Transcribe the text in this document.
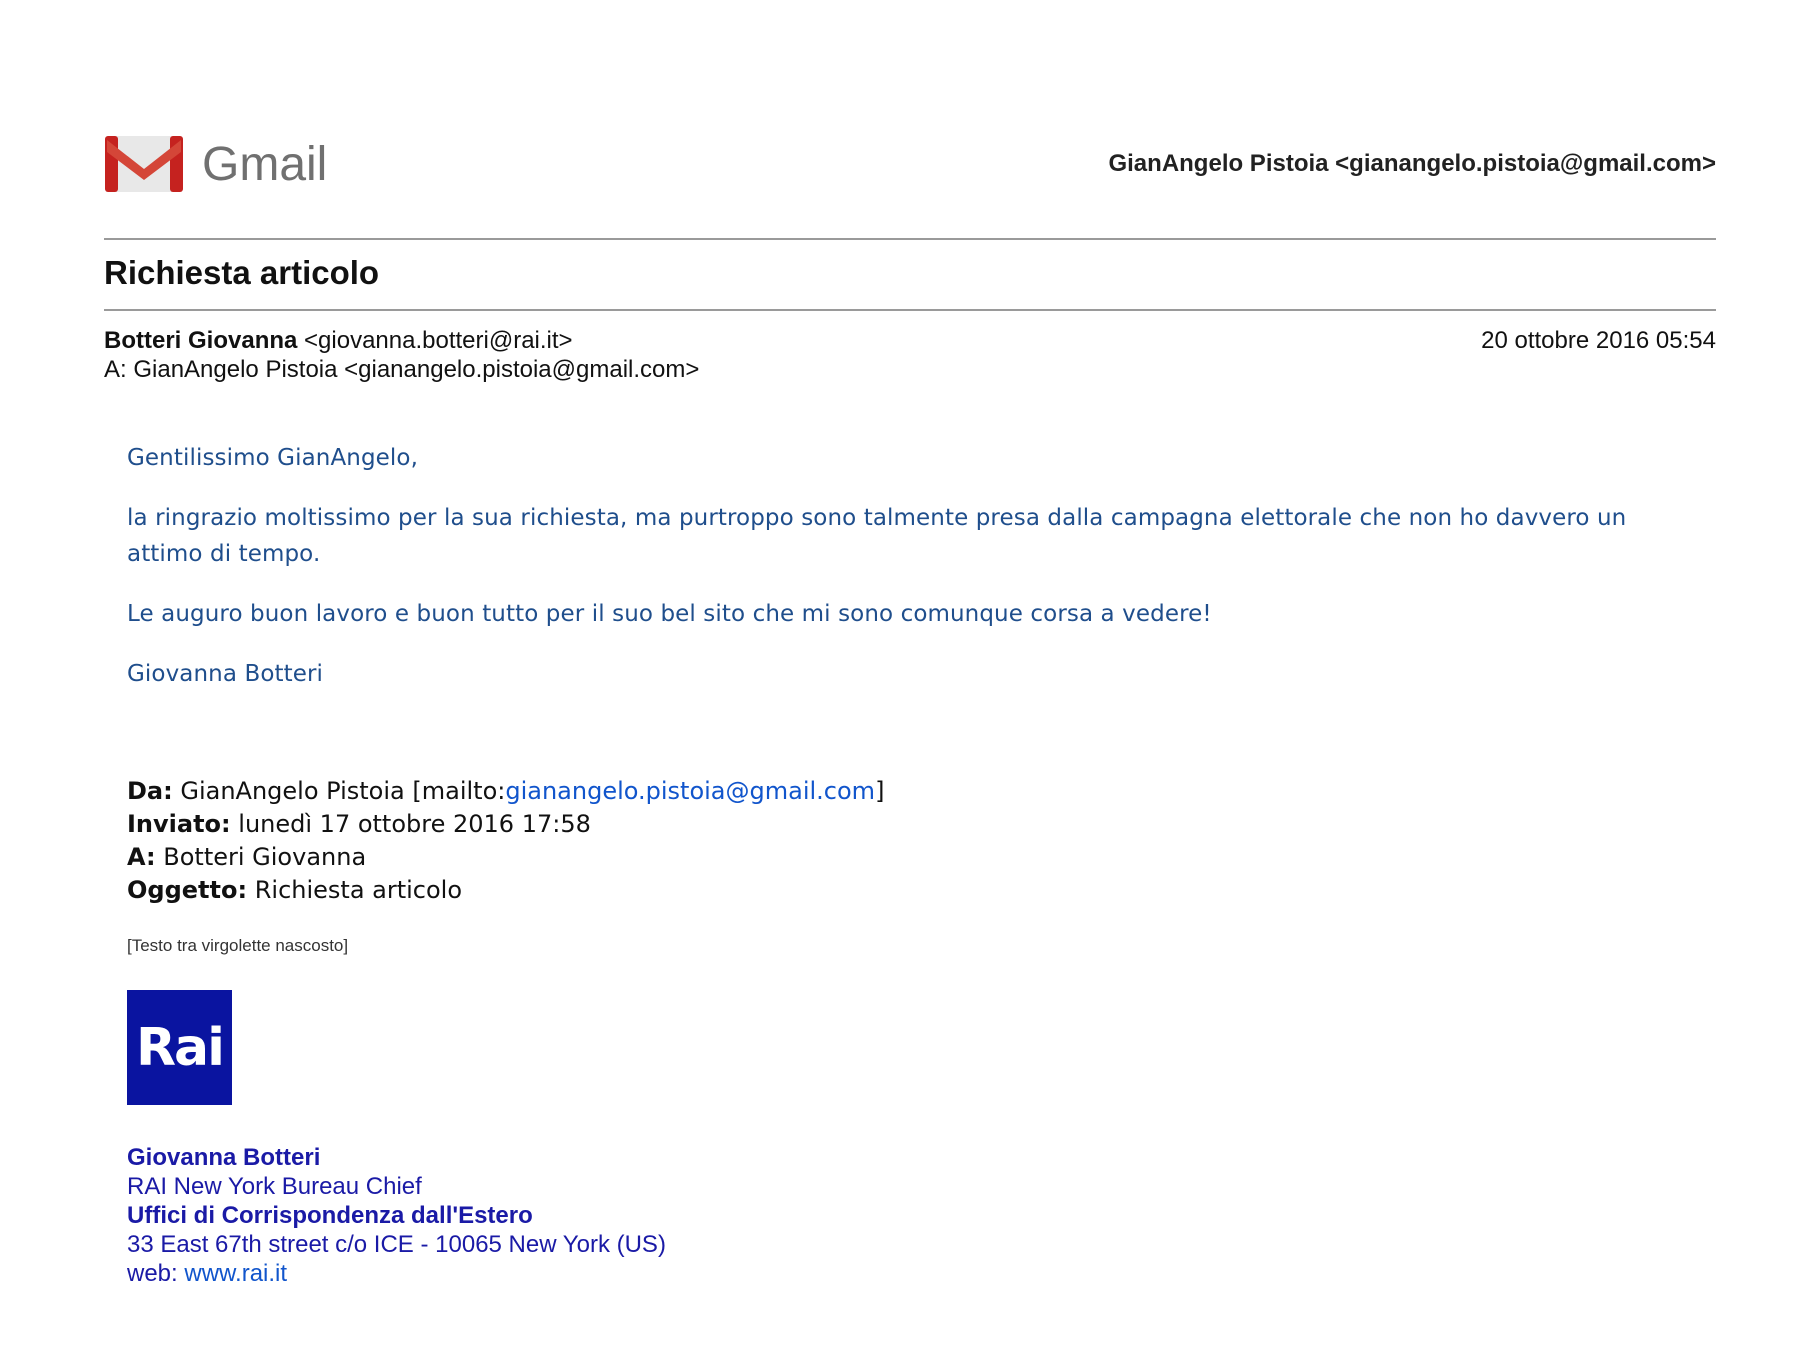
Gmail	GianAngelo Pistoia <gianangelo.pistoia@gmail.com>
Richiesta articolo
Botteri Giovanna <giovanna.botteri@rai.it>	20 ottobre 2016 05:54
A: GianAngelo Pistoia <gianangelo.pistoia@gmail.com>
Gentilissimo GianAngelo,
la ringrazio moltissimo per la sua richiesta, ma purtroppo sono talmente presa dalla campagna elettorale che non ho davvero un attimo di tempo.
Le auguro buon lavoro e buon tutto per il suo bel sito che mi sono comunque corsa a vedere!
Giovanna Botteri
Da: GianAngelo Pistoia [mailto:gianangelo.pistoia@gmail.com]
Inviato: lunedì 17 ottobre 2016 17:58
A: Botteri Giovanna
Oggetto: Richiesta articolo
[Testo tra virgolette nascosto]
Rai
Giovanna Botteri
RAI New York Bureau Chief
Uffici di Corrispondenza dall'Estero
33 East 67th street c/o ICE - 10065 New York (US)
web: www.rai.it
